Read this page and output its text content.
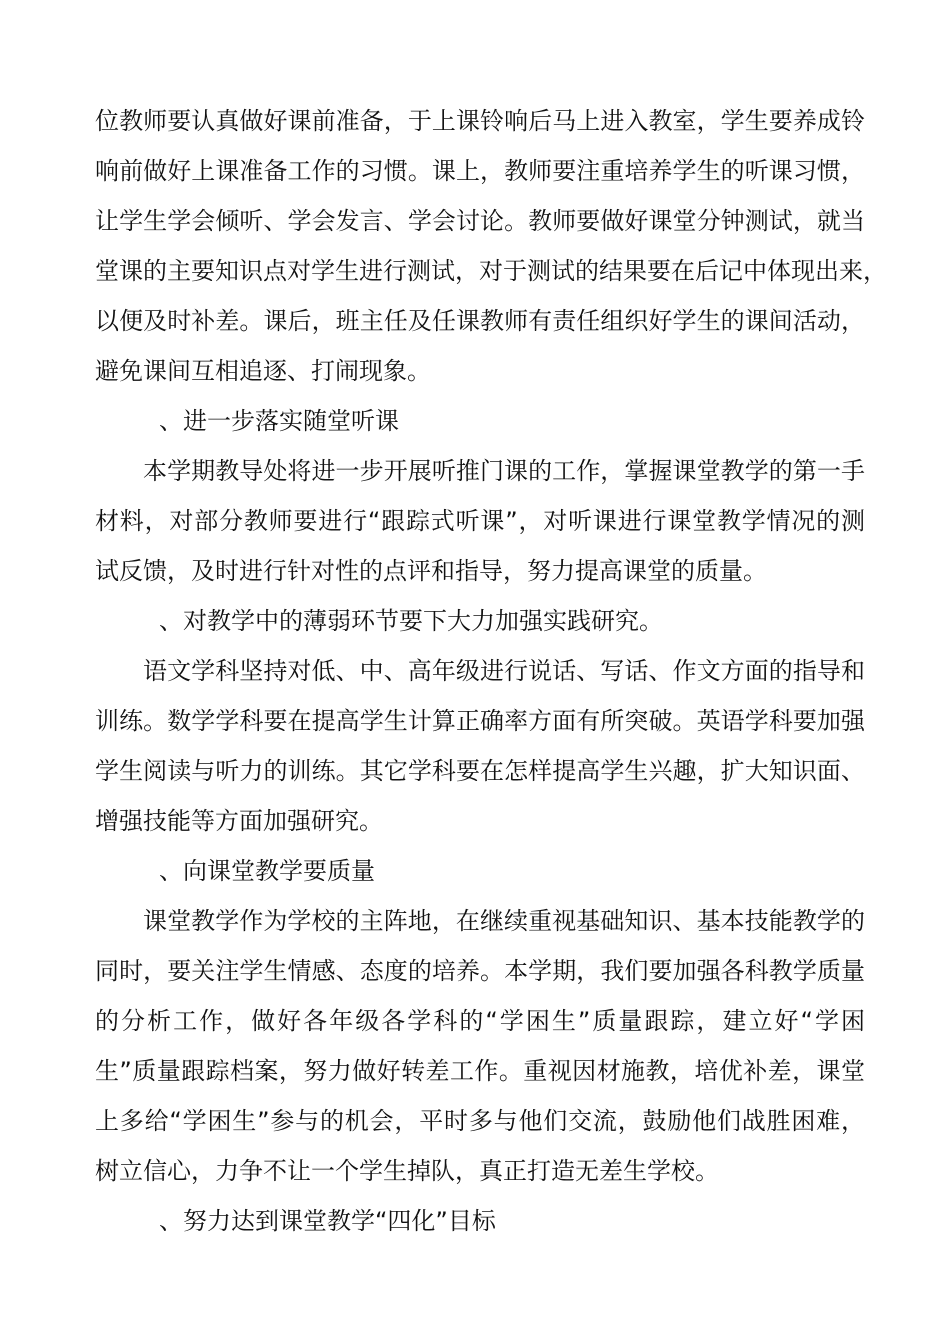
位教师要认真做好课前准备，于上课铃响后马上进入教室，学生要养成铃
响前做好上课准备工作的习惯。课上，教师要注重培养学生的听课习惯，
让学生学会倾听、学会发言、学会讨论。教师要做好课堂分钟测试，就当
堂课的主要知识点对学生进行测试，对于测试的结果要在后记中体现出来，
以便及时补差。课后，班主任及任课教师有责任组织好学生的课间活动，
避免课间互相追逐、打闹现象。
、进一步落实随堂听课
本学期教导处将进一步开展听推门课的工作，掌握课堂教学的第一手
材料，对部分教师要进行“跟踪式听课”，对听课进行课堂教学情况的测
试反馈，及时进行针对性的点评和指导，努力提高课堂的质量。
、对教学中的薄弱环节要下大力加强实践研究。
语文学科坚持对低、中、高年级进行说话、写话、作文方面的指导和
训练。数学学科要在提高学生计算正确率方面有所突破。英语学科要加强
学生阅读与听力的训练。其它学科要在怎样提高学生兴趣，扩大知识面、
增强技能等方面加强研究。
、向课堂教学要质量
课堂教学作为学校的主阵地，在继续重视基础知识、基本技能教学的
同时，要关注学生情感、态度的培养。本学期，我们要加强各科教学质量
的分析工作，做好各年级各学科的“学困生”质量跟踪，建立好“学困
生”质量跟踪档案，努力做好转差工作。重视因材施教，培优补差，课堂
上多给“学困生”参与的机会，平时多与他们交流，鼓励他们战胜困难，
树立信心，力争不让一个学生掉队，真正打造无差生学校。
、努力达到课堂教学“四化”目标
